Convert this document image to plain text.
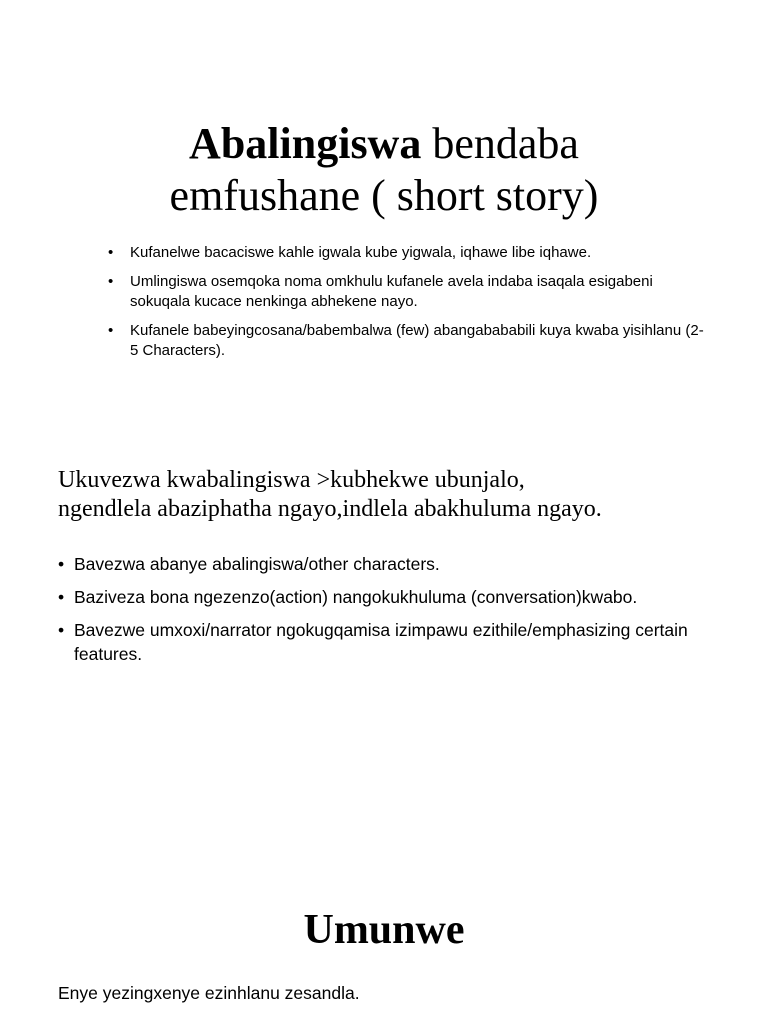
Abalingiswa bendaba
emfushane ( short story)
• Kufanelwe bacaciswe kahle igwala kube yigwala, iqhawe libe iqhawe.
• Umlingiswa osemqoka noma omkhulu kufanele avela indaba isaqala esigabeni sokuqala kucace nenkinga abhekene nayo.
• Kufanele babeyingcosana/babembalwa (few) abangabababili kuya kwaba yisihlanu (2-5 Characters).

Ukuvezwa kwabalingiswa >kubhekwe ubunjalo,
ngendlela abaziphatha ngayo,indlela abakhuluma ngayo.

• Bavezwa abanye abalingiswa/other characters.
• Baziveza bona ngezenzo(action) nangokukhuluma (conversation)kwabo.
• Bavezwe umxoxi/narrator ngokugqamisa izimpawu ezithile/emphasizing certain features.
Umunwe

Enye yezingxenye ezinhlanu zesandla.
